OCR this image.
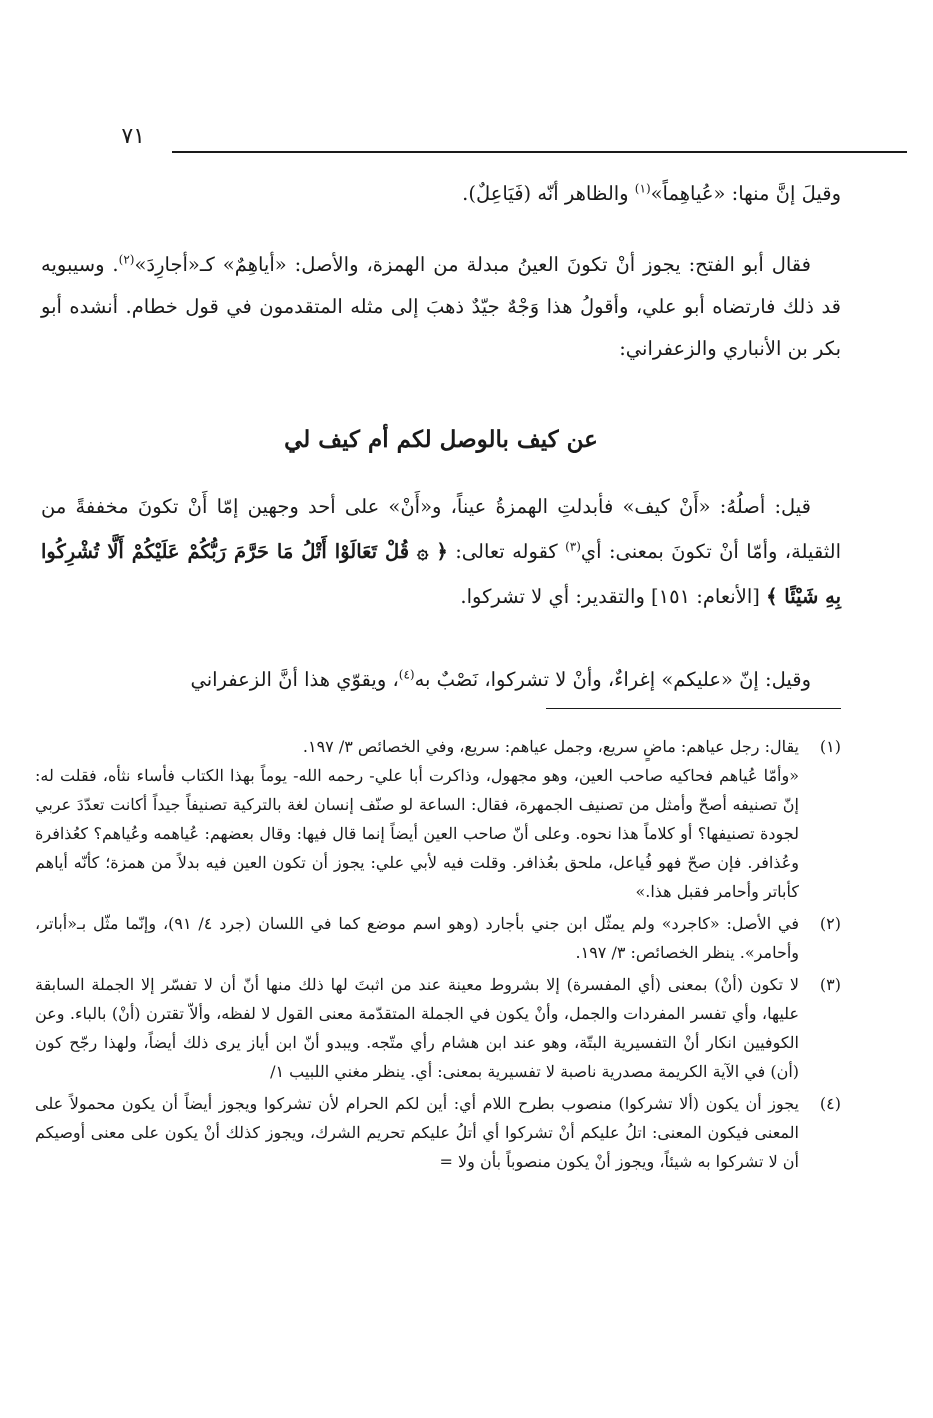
٧١

وقيلَ إنَّ منها: «عُياهِماً»$^{(١)}$ والظاهر أنّه (فَيَاعِلٌ).

فقال أبو الفتح: يجوز أنْ تكونَ العينُ مبدلة من الهمزة، والأصل: «أياهِمٌ» كـ«أجارِدَ»$^{(٢)}$. وسيبويه قد ذلك فارتضاه أبو علي، وأقولُ هذا وَجْهٌ جيّدٌ ذهبَ إلى مثله المتقدمون في قول خطام. أنشده أبو بكر بن الأنباري والزعفراني:

عن كيف بالوصل لكم أم كيف لي

قيل: أصلُهُ: «أَنْ كيف» فأبدلتِ الهمزةُ عيناً، و«أَنْ» على أحد وجهين إمّا أَنْ تكونَ مخففةً من الثقيلة، وأمّا أنْ تكونَ بمعنى: أي$^{(٣)}$ كقوله تعالى: ﴿ ۞ قُلْ تَعَالَوْا أَتْلُ مَا حَرَّمَ رَبُّكُمْ عَلَيْكُمْ أَلَّا تُشْرِكُوا بِهِ شَيْئًا ﴾ [الأنعام: ١٥١] والتقدير: أي لا تشركوا.

وقيل: إنّ «عليكم» إغراءٌ، وأنْ لا تشركوا، نَصْبٌ به$^{(٤)}$، ويقوّي هذا أنَّ الزعفراني

(١)
يقال: رجل عياهم: ماضٍ سريع، وجمل عياهم: سريع، وفي الخصائص ٣/ ١٩٧.
«وأمّا عُياهم فحاكيه صاحب العين، وهو مجهول، وذاكرت أبا علي- رحمه الله- يوماً بهذا الكتاب فأساء نثأه، فقلت له: إنّ تصنيفه أصحّ وأمثل من تصنيف الجمهرة، فقال: الساعة لو صنّف إنسان لغة بالتركية تصنيفاً جيداً أكانت تعدّدَ عربي لجودة تصنيفها؟ أو كلاماً هذا نحوه. وعلى أنّ صاحب العين أيضاً إنما قال فيها: وقال بعضهم: عُياهمه وعُياهم؟ كعُذافرة وعُذافر. فإن صحّ فهو فُياعل، ملحق بعُذافر. وقلت فيه لأبي علي: يجوز أن تكون العين فيه بدلاً من همزة؛ كأنّه أياهم كأباتر وأحامر فقبل هذا.»
(٢)
في الأصل: «كاجرد» ولم يمثّل ابن جني بأجارد (وهو اسم موضع كما في اللسان (جرد ٤/ ٩١)، وإنّما مثّل بـ«أباتر، وأحامر». ينظر الخصائص: ٣/ ١٩٧.
(٣)
لا تكون (أنْ) بمعنى (أي المفسرة) إلا بشروط معينة عند من اثبتَ لها ذلك منها أنّ أن لا تفسّر إلا الجملة السابقة عليها، وأي تفسر المفردات والجمل، وأنْ يكون في الجملة المتقدّمة معنى القول لا لفظه، وألاّ تقترن (أنْ) بالباء. وعن الكوفيين انكار أنْ التفسيرية البتّة، وهو عند ابن هشام رأي متّجه. ويبدو أنّ ابن أياز يرى ذلك أيضاً، ولهذا رجّح كون (أن) في الآية الكريمة مصدرية ناصبة لا تفسيرية بمعنى: أي. ينظر مغني اللبيب ١/
(٤)
يجوز أن يكون (ألا تشركوا) منصوب بطرح اللام أي: أين لكم الحرام لأن تشركوا ويجوز أيضاً أن يكون محمولاً على المعنى فيكون المعنى: اتلُ عليكم أنْ تشركوا أي أتلُ عليكم تحريم الشرك، ويجوز كذلك أنْ يكون على معنى أوصيكم أن لا تشركوا به شيئاً، ويجوز أنْ يكون منصوباً بأن ولا =
